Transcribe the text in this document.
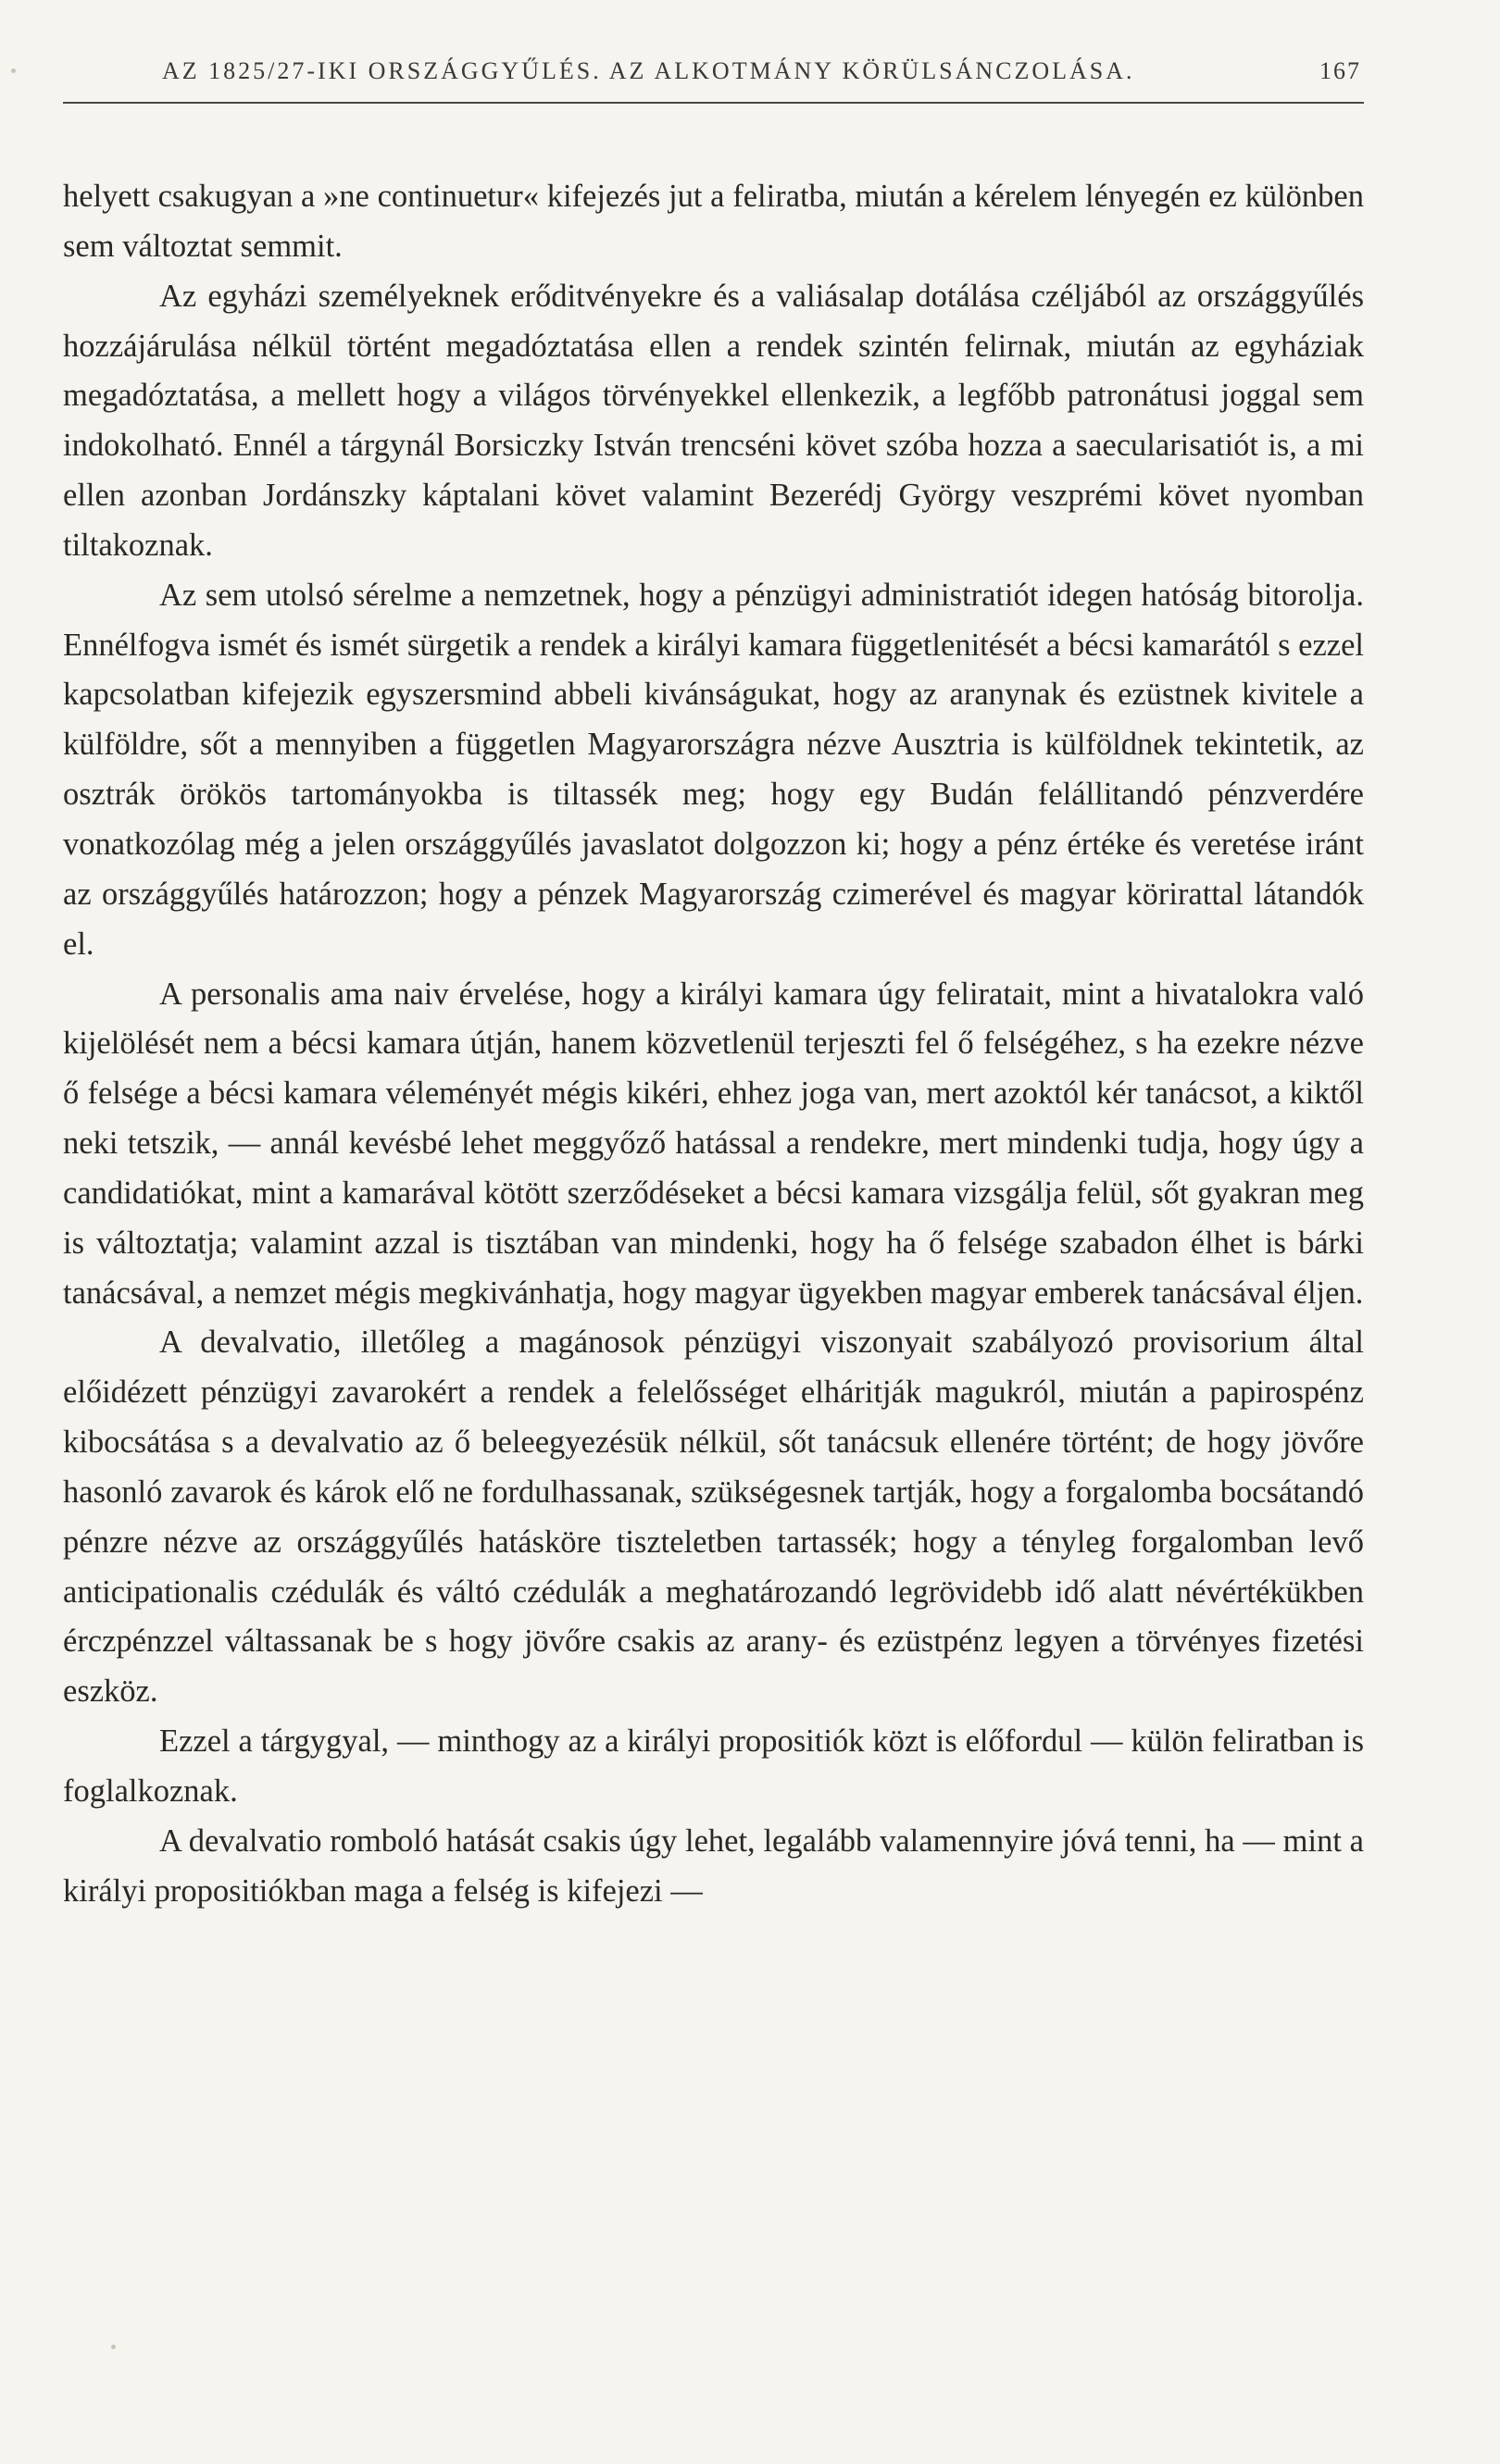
AZ 1825/27-IKI ORSZÁGGYŰLÉS. AZ ALKOTMÁNY KÖRÜLSÁNCZOLÁSA.	167

helyett csakugyan a »ne continuetur« kifejezés jut a feliratba, miután a kérelem lényegén ez különben sem változtat semmit.

Az egyházi személyeknek erőditvényekre és a valiásalap dotálása czéljából az országgyűlés hozzájárulása nélkül történt megadóztatása ellen a rendek szintén felirnak, miután az egyháziak megadóztatása, a mellett hogy a világos törvényekkel ellenkezik, a legfőbb patronátusi joggal sem indokolható. Ennél a tárgynál Borsiczky István trencséni követ szóba hozza a saecularisatiót is, a mi ellen azonban Jordánszky káptalani követ valamint Bezerédj György veszprémi követ nyomban tiltakoznak.

Az sem utolsó sérelme a nemzetnek, hogy a pénzügyi administratiót idegen hatóság bitorolja. Ennélfogva ismét és ismét sürgetik a rendek a királyi kamara függetlenitését a bécsi kamarától s ezzel kapcsolatban kifejezik egyszersmind abbeli kivánságukat, hogy az aranynak és ezüstnek kivitele a külföldre, sőt a mennyiben a független Magyarországra nézve Ausztria is külföldnek tekintetik, az osztrák örökös tartományokba is tiltassék meg; hogy egy Budán felállitandó pénzverdére vonatkozólag még a jelen országgyűlés javaslatot dolgozzon ki; hogy a pénz értéke és veretése iránt az országgyűlés határozzon; hogy a pénzek Magyarország czimerével és magyar körirattal látandók el.

A personalis ama naiv érvelése, hogy a királyi kamara úgy feliratait, mint a hivatalokra való kijelölését nem a bécsi kamara útján, hanem közvetlenül terjeszti fel ő felségéhez, s ha ezekre nézve ő felsége a bécsi kamara véleményét mégis kikéri, ehhez joga van, mert azoktól kér tanácsot, a kiktől neki tetszik, — annál kevésbé lehet meggyőző hatással a rendekre, mert mindenki tudja, hogy úgy a candidatiókat, mint a kamarával kötött szerződéseket a bécsi kamara vizsgálja felül, sőt gyakran meg is változtatja; valamint azzal is tisztában van mindenki, hogy ha ő felsége szabadon élhet is bárki tanácsával, a nemzet mégis megkivánhatja, hogy magyar ügyekben magyar emberek tanácsával éljen.

A devalvatio, illetőleg a magánosok pénzügyi viszonyait szabályozó provisorium által előidézett pénzügyi zavarokért a rendek a felelősséget elháritják magukról, miután a papirospénz kibocsátása s a devalvatio az ő beleegyezésük nélkül, sőt tanácsuk ellenére történt; de hogy jövőre hasonló zavarok és károk elő ne fordulhassanak, szükségesnek tartják, hogy a forgalomba bocsátandó pénzre nézve az országgyűlés hatásköre tiszteletben tartassék; hogy a tényleg forgalomban levő anticipationalis czédulák és váltó czédulák a meghatározandó legrövidebb idő alatt névértékükben érczpénzzel váltassanak be s hogy jövőre csakis az arany- és ezüstpénz legyen a törvényes fizetési eszköz.

Ezzel a tárgygyal, — minthogy az a királyi propositiók közt is előfordul — külön feliratban is foglalkoznak.

A devalvatio romboló hatását csakis úgy lehet, legalább valamennyire jóvá tenni, ha — mint a királyi propositiókban maga a felség is kifejezi —
